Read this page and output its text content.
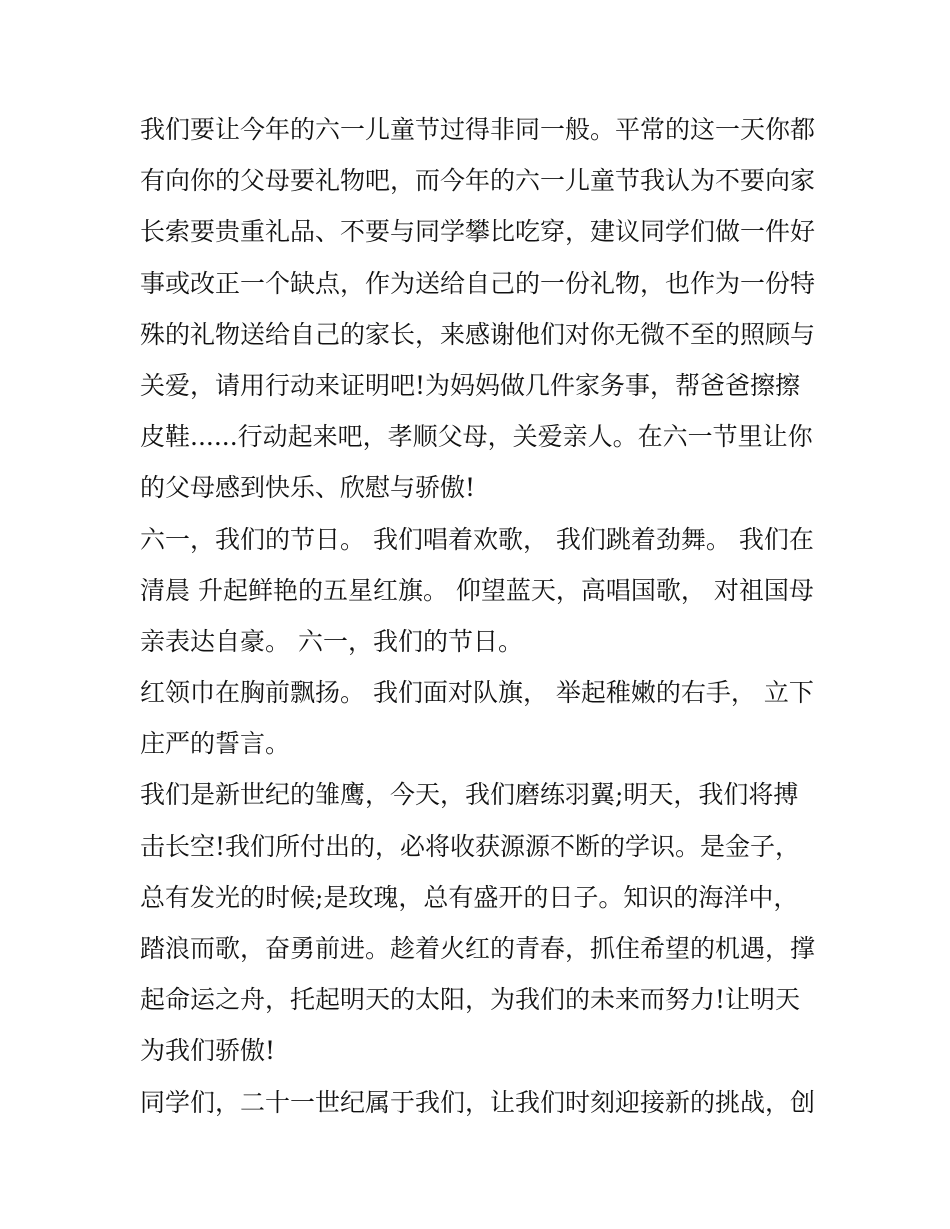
我们要让今年的六一儿童节过得非同一般。平常的这一天你都
有向你的父母要礼物吧，而今年的六一儿童节我认为不要向家
长索要贵重礼品、不要与同学攀比吃穿，建议同学们做一件好
事或改正一个缺点，作为送给自己的一份礼物，也作为一份特
殊的礼物送给自己的家长，来感谢他们对你无微不至的照顾与
关爱，请用行动来证明吧!为妈妈做几件家务事，帮爸爸擦擦
皮鞋......行动起来吧，孝顺父母，关爱亲人。在六一节里让你
的父母感到快乐、欣慰与骄傲!
六一，我们的节日。 我们唱着欢歌， 我们跳着劲舞。 我们在
清晨 升起鲜艳的五星红旗。 仰望蓝天，高唱国歌， 对祖国母
亲表达自豪。 六一，我们的节日。
红领巾在胸前飘扬。 我们面对队旗， 举起稚嫩的右手， 立下
庄严的誓言。
我们是新世纪的雏鹰，今天，我们磨练羽翼;明天，我们将搏
击长空!我们所付出的，必将收获源源不断的学识。是金子，
总有发光的时候;是玫瑰，总有盛开的日子。知识的海洋中，
踏浪而歌，奋勇前进。趁着火红的青春，抓住希望的机遇，撑
起命运之舟，托起明天的太阳，为我们的未来而努力!让明天
为我们骄傲!
同学们，二十一世纪属于我们，让我们时刻迎接新的挑战，创
